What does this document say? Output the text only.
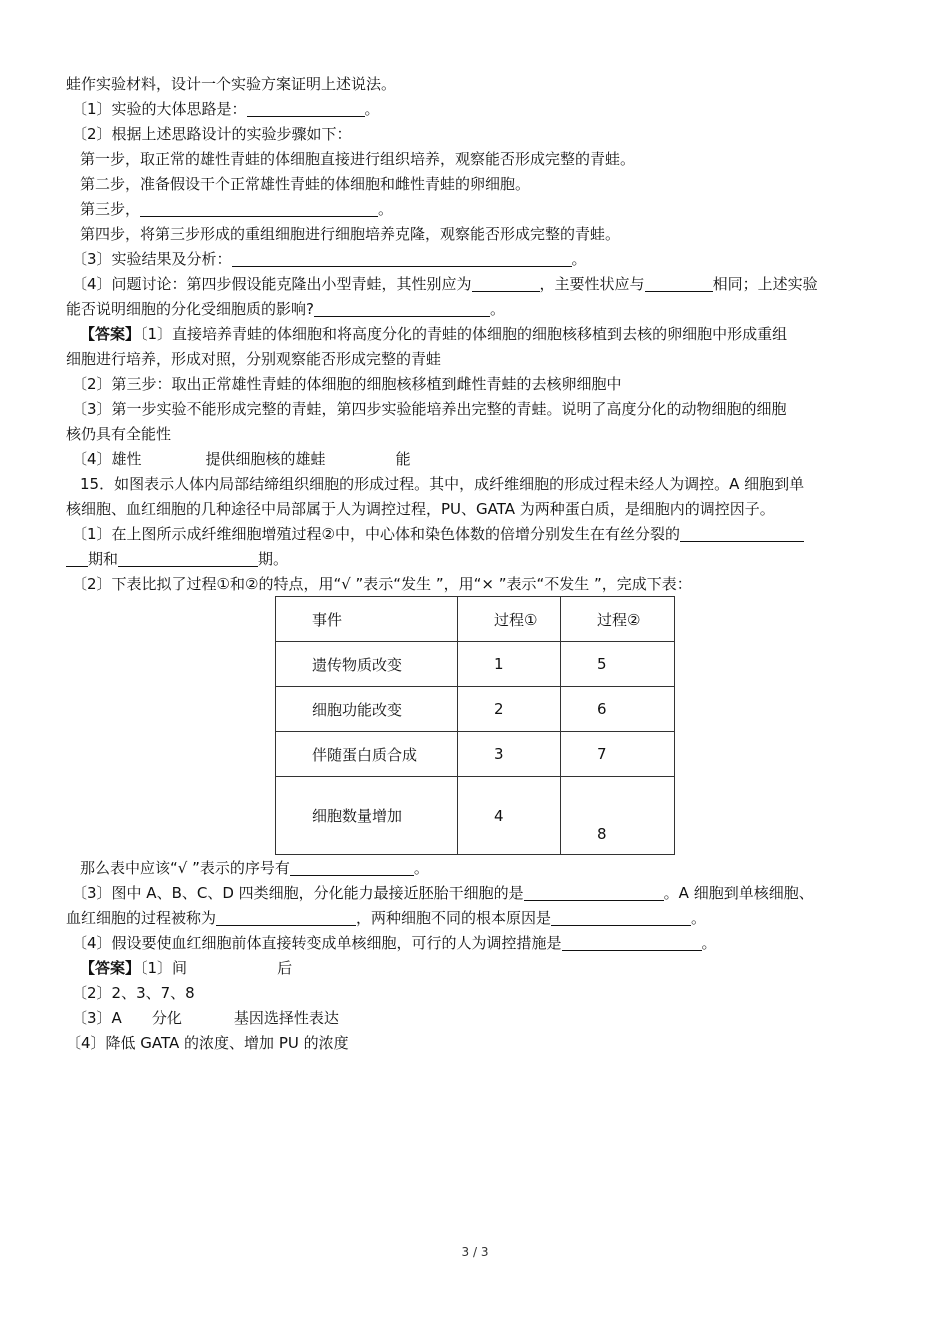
蛙作实验材料，设计一个实验方案证明上述说法。
〔1〕实验的大体思路是：	。
〔2〕根据上述思路设计的实验步骤如下：
第一步，取正常的雄性青蛙的体细胞直接进行组织培养，观察能否形成完整的青蛙。
第二步，准备假设干个正常雄性青蛙的体细胞和雌性青蛙的卵细胞。
第三步，	。
第四步，将第三步形成的重组细胞进行细胞培养克隆，观察能否形成完整的青蛙。
〔3〕实验结果及分析：	。
〔4〕问题讨论：第四步假设能克隆出小型青蛙，其性别应为	，主要性状应与	相同；上述实验
能否说明细胞的分化受细胞质的影响?	。
【答案】〔1〕直接培养青蛙的体细胞和将高度分化的青蛙的体细胞的细胞核移植到去核的卵细胞中形成重组
细胞进行培养，形成对照，分别观察能否形成完整的青蛙
〔2〕第三步：取出正常雄性青蛙的体细胞的细胞核移植到雌性青蛙的去核卵细胞中
〔3〕第一步实验不能形成完整的青蛙，第四步实验能培养出完整的青蛙。说明了高度分化的动物细胞的细胞
核仍具有全能性
〔4〕雄性	提供细胞核的雄蛙	能
15．如图表示人体内局部结缔组织细胞的形成过程。其中，成纤维细胞的形成过程未经人为调控。A 细胞到单
核细胞、血红细胞的几种途径中局部属于人为调控过程，PU、GATA 为两种蛋白质，是细胞内的调控因子。
〔1〕在上图所示成纤维细胞增殖过程②中，中心体和染色体数的倍增分别发生在有丝分裂的
期和	期。
〔2〕下表比拟了过程①和②的特点，用“√ ”表示“发生 ”，用“× ”表示“不发生 ”，完成下表：
事件	过程①	过程②
遗传物质改变	1	5
细胞功能改变	2	6
伴随蛋白质合成	3	7
细胞数量增加	4	8
那么表中应该“√ ”表示的序号有	。
〔3〕图中 A、B、C、D 四类细胞，分化能力最接近胚胎干细胞的是	。A 细胞到单核细胞、
血红细胞的过程被称为	，两种细胞不同的根本原因是	。
〔4〕假设要使血红细胞前体直接转变成单核细胞，可行的人为调控措施是	。
【答案】〔1〕间	后
〔2〕2、3、7、8
〔3〕A 分化	基因选择性表达
〔4〕降低 GATA 的浓度、增加 PU 的浓度
3 / 3
